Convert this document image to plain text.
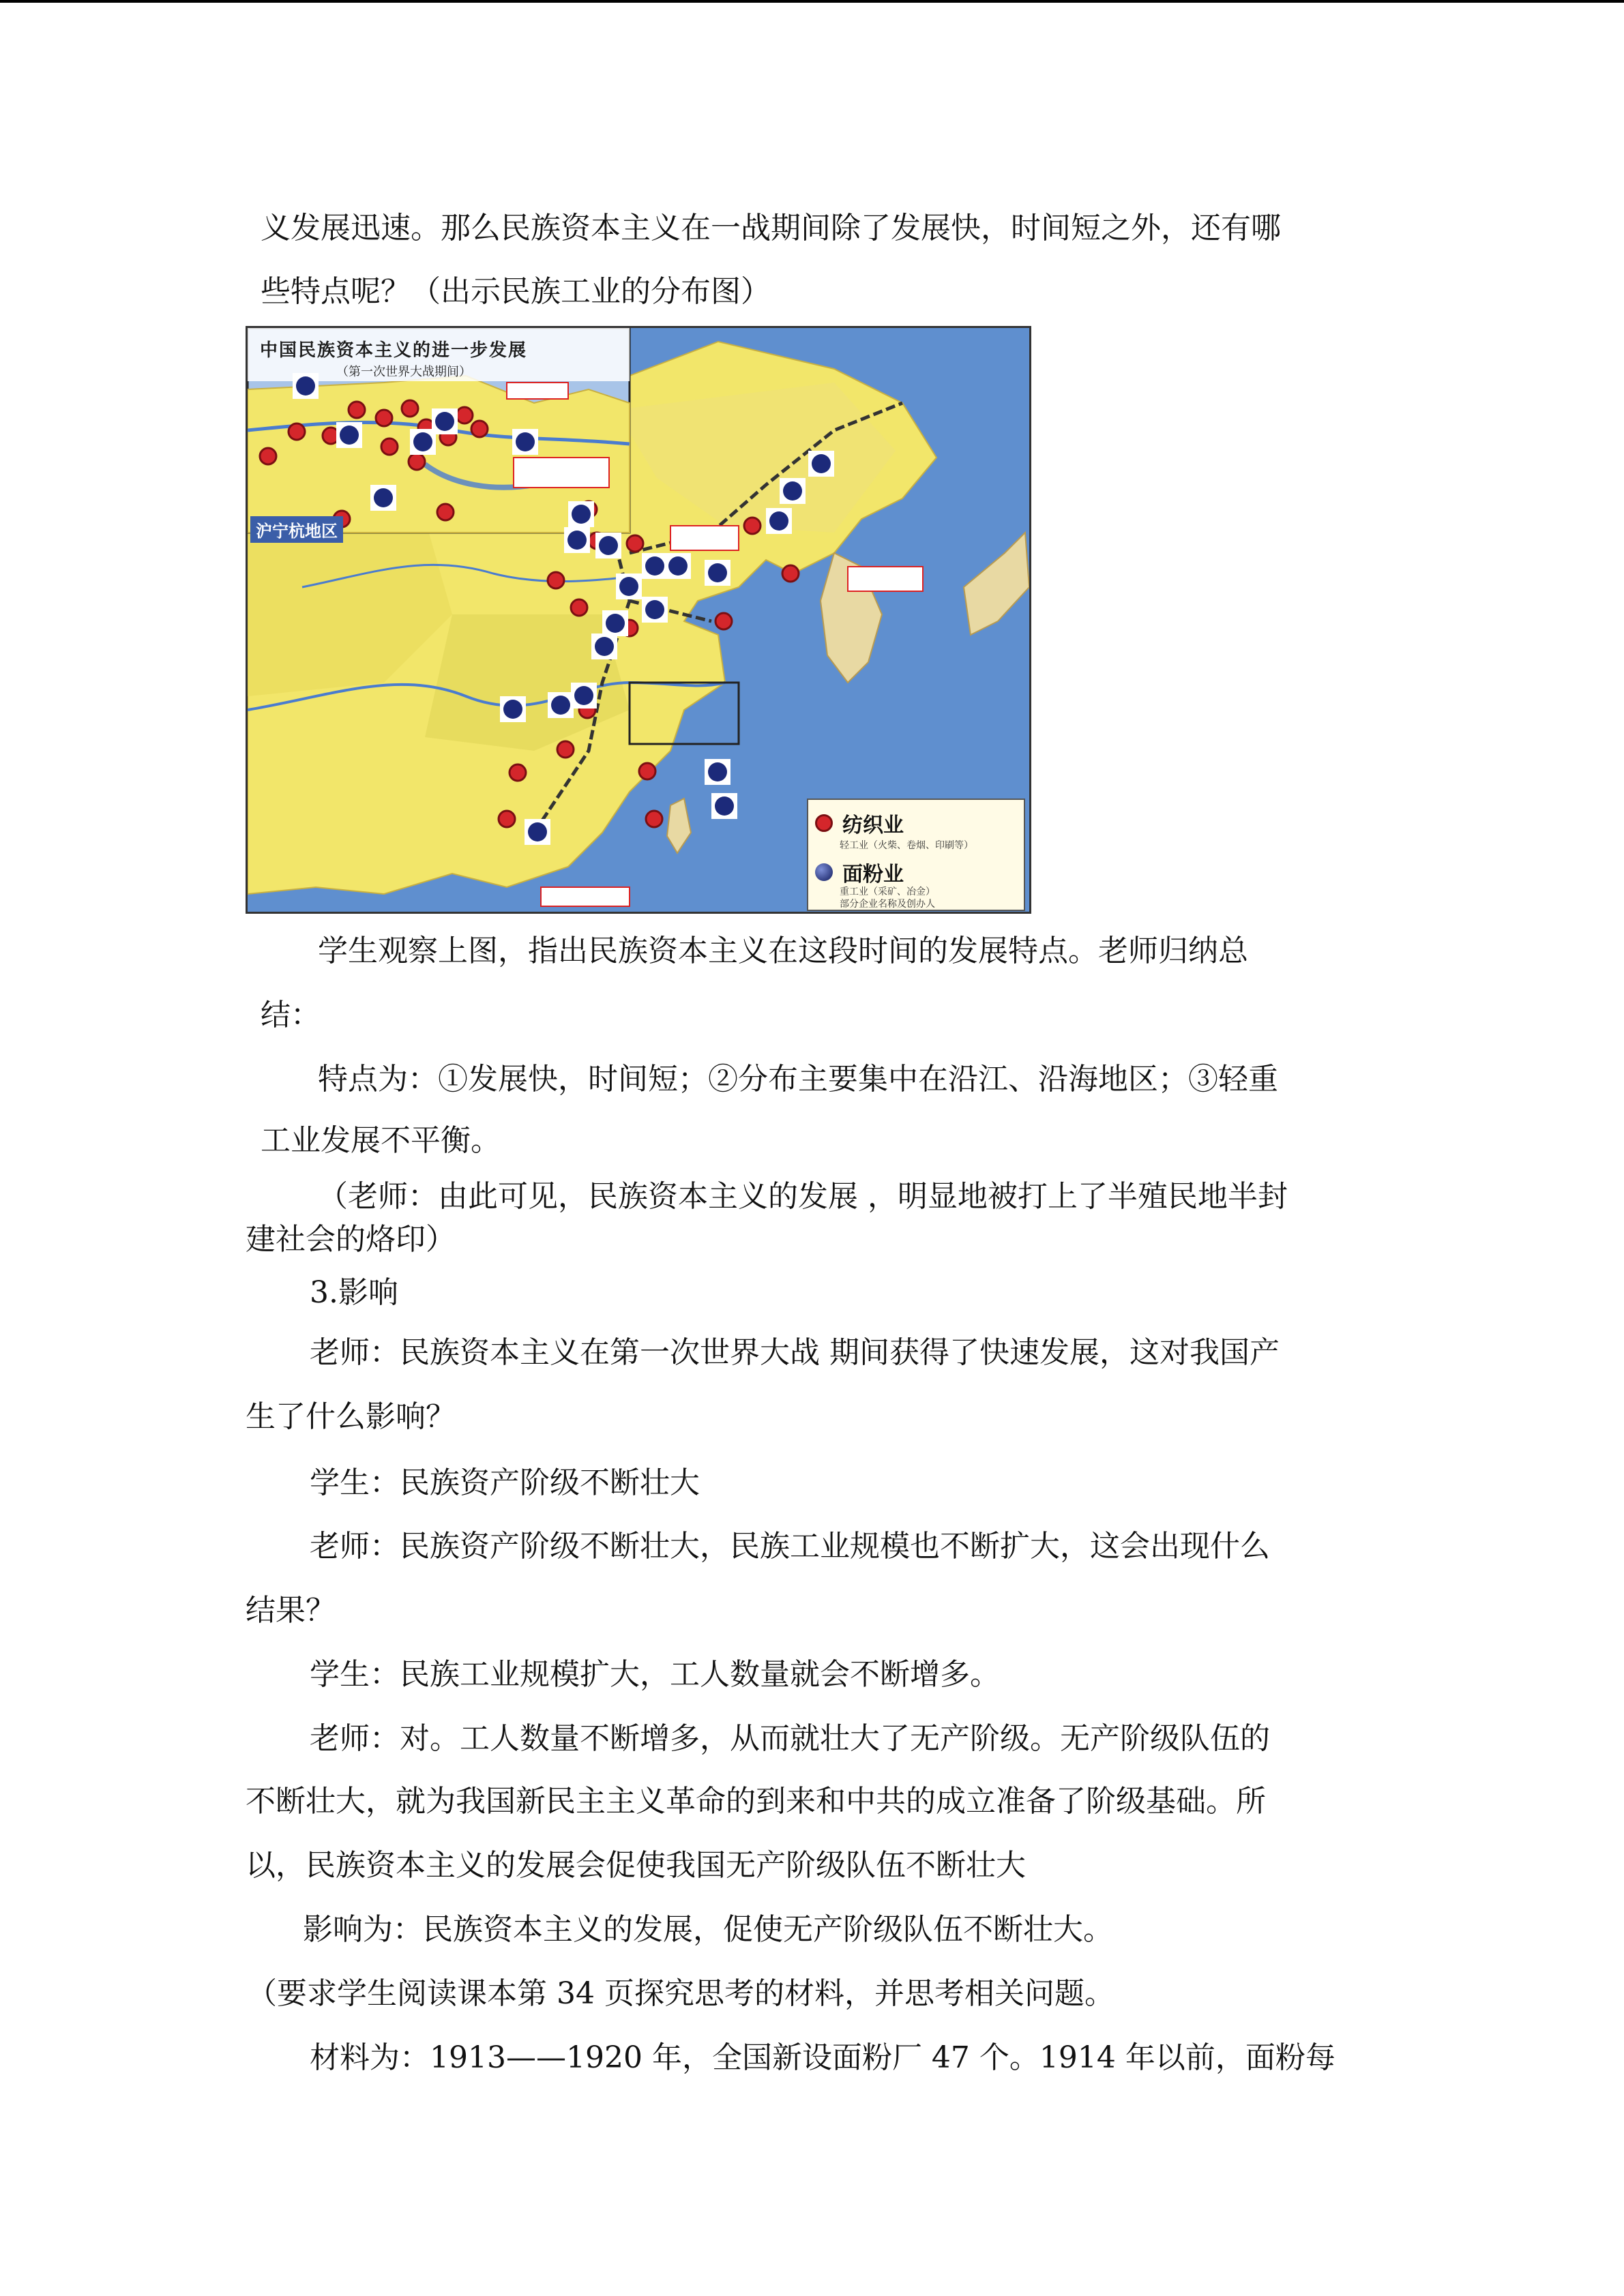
义发展迅速。那么民族资本主义在一战期间除了发展快，时间短之外，还有哪

些特点呢？（出示民族工业的分布图）

中国民族资本主义的进一步发展
（第一次世界大战期间）
沪宁杭地区
纺织业
轻工业（火柴、卷烟、印刷等）
面粉业
重工业（采矿、冶金）
部分企业名称及创办人

学生观察上图，指出民族资本主义在这段时间的发展特点。老师归纳总

结：

特点为：①发展快，时间短；②分布主要集中在沿江、沿海地区；③轻重

工业发展不平衡。

（老师：由此可见，民族资本主义的发展 ，明显地被打上了半殖民地半封

建社会的烙印）

3.影响

老师：民族资本主义在第一次世界大战 期间获得了快速发展，这对我国产

生了什么影响？

学生：民族资产阶级不断壮大

老师：民族资产阶级不断壮大，民族工业规模也不断扩大，这会出现什么

结果？

学生：民族工业规模扩大，工人数量就会不断增多。

老师：对。工人数量不断增多，从而就壮大了无产阶级。无产阶级队伍的

不断壮大，就为我国新民主主义革命的到来和中共的成立准备了阶级基础。所

以，民族资本主义的发展会促使我国无产阶级队伍不断壮大

影响为：民族资本主义的发展，促使无产阶级队伍不断壮大。

（要求学生阅读课本第 34 页探究思考的材料，并思考相关问题。

材料为：1913——1920 年，全国新设面粉厂 47 个。1914 年以前，面粉每
